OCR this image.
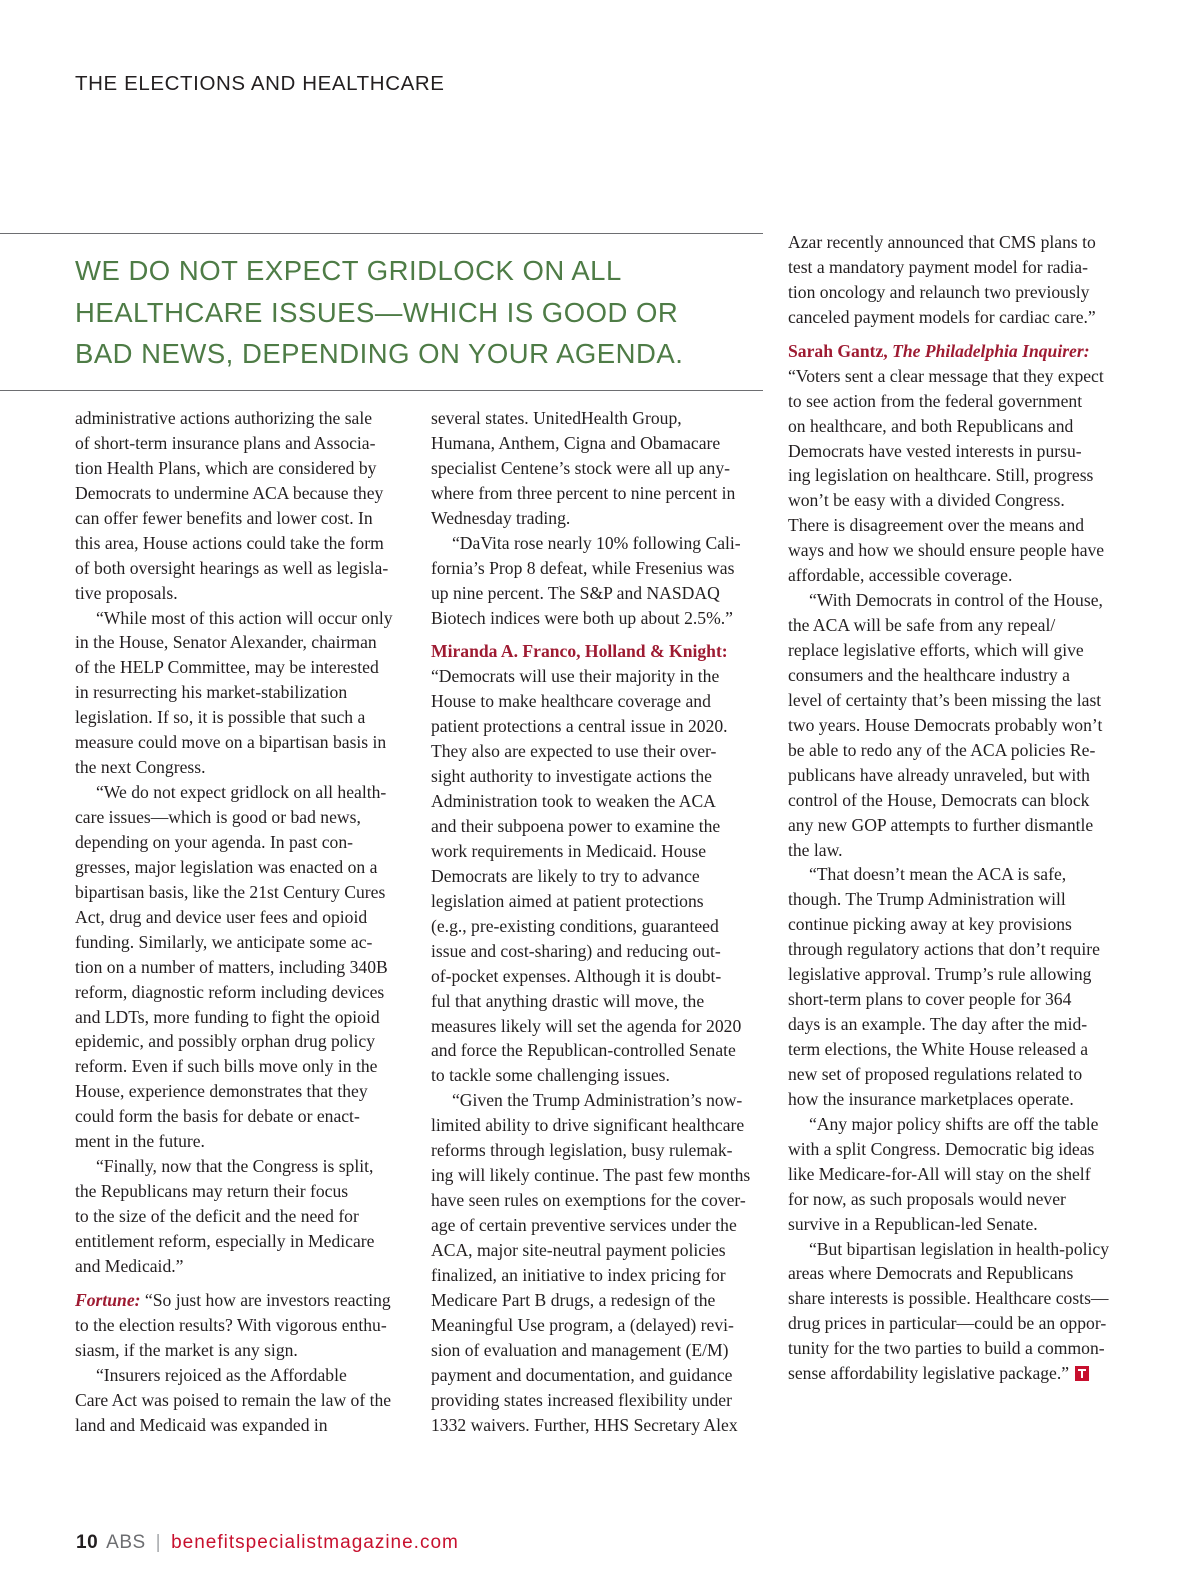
THE ELECTIONS AND HEALTHCARE
WE DO NOT EXPECT GRIDLOCK ON ALL
HEALTHCARE ISSUES—WHICH IS GOOD OR
BAD NEWS, DEPENDING ON YOUR AGENDA.
administrative actions authorizing the sale
of short-term insurance plans and Associa-
tion Health Plans, which are considered by
Democrats to undermine ACA because they
can offer fewer benefits and lower cost. In
this area, House actions could take the form
of both oversight hearings as well as legisla-
tive proposals.
“While most of this action will occur only
in the House, Senator Alexander, chairman
of the HELP Committee, may be interested
in resurrecting his market-stabilization
legislation. If so, it is possible that such a
measure could move on a bipartisan basis in
the next Congress.
“We do not expect gridlock on all health-
care issues—which is good or bad news,
depending on your agenda. In past con-
gresses, major legislation was enacted on a
bipartisan basis, like the 21st Century Cures
Act, drug and device user fees and opioid
funding. Similarly, we anticipate some ac-
tion on a number of matters, including 340B
reform, diagnostic reform including devices
and LDTs, more funding to fight the opioid
epidemic, and possibly orphan drug policy
reform. Even if such bills move only in the
House, experience demonstrates that they
could form the basis for debate or enact-
ment in the future.
“Finally, now that the Congress is split,
the Republicans may return their focus
to the size of the deficit and the need for
entitlement reform, especially in Medicare
and Medicaid.”
Fortune: “So just how are investors reacting
to the election results? With vigorous enthu-
siasm, if the market is any sign.
“Insurers rejoiced as the Affordable
Care Act was poised to remain the law of the
land and Medicaid was expanded in
several states. UnitedHealth Group,
Humana, Anthem, Cigna and Obamacare
specialist Centene’s stock were all up any-
where from three percent to nine percent in
Wednesday trading.
“DaVita rose nearly 10% following Cali-
fornia’s Prop 8 defeat, while Fresenius was
up nine percent. The S&P and NASDAQ
Biotech indices were both up about 2.5%.”
Miranda A. Franco, Holland & Knight:
“Democrats will use their majority in the
House to make healthcare coverage and
patient protections a central issue in 2020.
They also are expected to use their over-
sight authority to investigate actions the
Administration took to weaken the ACA
and their subpoena power to examine the
work requirements in Medicaid. House
Democrats are likely to try to advance
legislation aimed at patient protections
(e.g., pre-existing conditions, guaranteed
issue and cost-sharing) and reducing out-
of-pocket expenses. Although it is doubt-
ful that anything drastic will move, the
measures likely will set the agenda for 2020
and force the Republican-controlled Senate
to tackle some challenging issues.
“Given the Trump Administration’s now-
limited ability to drive significant healthcare
reforms through legislation, busy rulemak-
ing will likely continue. The past few months
have seen rules on exemptions for the cover-
age of certain preventive services under the
ACA, major site-neutral payment policies
finalized, an initiative to index pricing for
Medicare Part B drugs, a redesign of the
Meaningful Use program, a (delayed) revi-
sion of evaluation and management (E/M)
payment and documentation, and guidance
providing states increased flexibility under
1332 waivers. Further, HHS Secretary Alex
Azar recently announced that CMS plans to
test a mandatory payment model for radia-
tion oncology and relaunch two previously
canceled payment models for cardiac care.”
Sarah Gantz, The Philadelphia Inquirer:
“Voters sent a clear message that they expect
to see action from the federal government
on healthcare, and both Republicans and
Democrats have vested interests in pursu-
ing legislation on healthcare. Still, progress
won’t be easy with a divided Congress.
There is disagreement over the means and
ways and how we should ensure people have
affordable, accessible coverage.
“With Democrats in control of the House,
the ACA will be safe from any repeal/
replace legislative efforts, which will give
consumers and the healthcare industry a
level of certainty that’s been missing the last
two years. House Democrats probably won’t
be able to redo any of the ACA policies Re-
publicans have already unraveled, but with
control of the House, Democrats can block
any new GOP attempts to further dismantle
the law.
“That doesn’t mean the ACA is safe,
though. The Trump Administration will
continue picking away at key provisions
through regulatory actions that don’t require
legislative approval. Trump’s rule allowing
short-term plans to cover people for 364
days is an example. The day after the mid-
term elections, the White House released a
new set of proposed regulations related to
how the insurance marketplaces operate.
“Any major policy shifts are off the table
with a split Congress. Democratic big ideas
like Medicare-for-All will stay on the shelf
for now, as such proposals would never
survive in a Republican-led Senate.
“But bipartisan legislation in health-policy
areas where Democrats and Republicans
share interests is possible. Healthcare costs—
drug prices in particular—could be an oppor-
tunity for the two parties to build a common-
sense affordability legislative package.”
10 ABS | benefitspecialistmagazine.com
